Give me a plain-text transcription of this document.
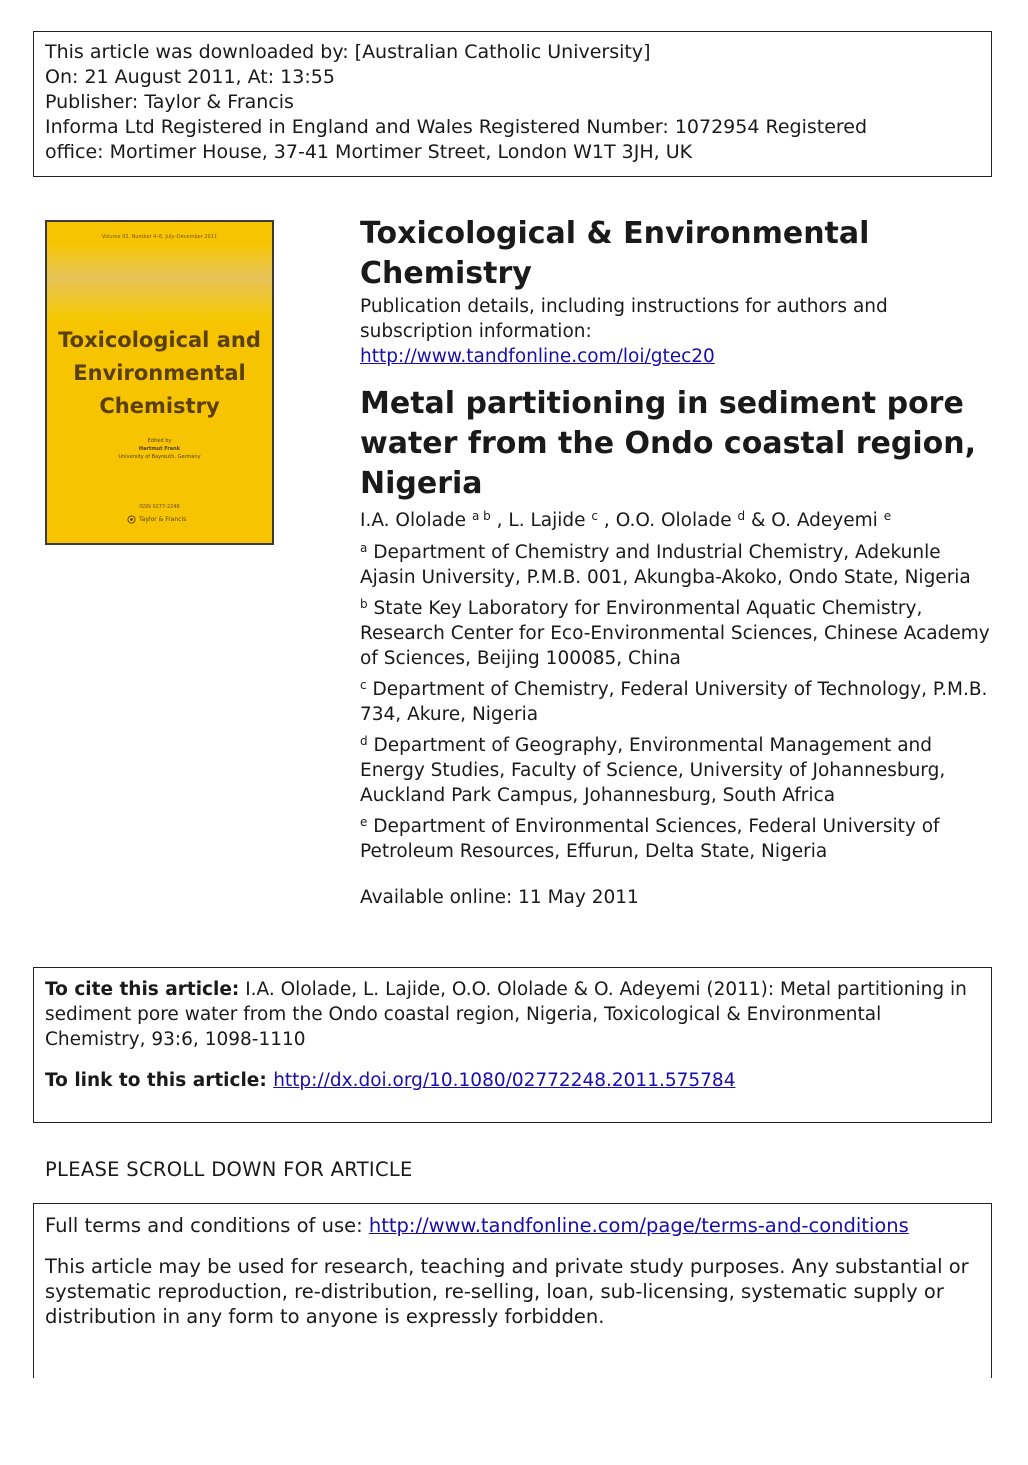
This article was downloaded by: [Australian Catholic University]
On: 21 August 2011, At: 13:55
Publisher: Taylor & Francis
Informa Ltd Registered in England and Wales Registered Number: 1072954 Registered
office: Mortimer House, 37-41 Mortimer Street, London W1T 3JH, UK
Volume 93, Number 4–6, July–December 2011
Toxicological and
Environmental
Chemistry
Edited by
Hartmut Frank
University of Bayreuth, Germany
ISSN 0277-2248
Taylor & Francis
Toxicological & Environmental Chemistry
Publication details, including instructions for authors and subscription information:
http://www.tandfonline.com/loi/gtec20
Metal partitioning in sediment pore water from the Ondo coastal region, Nigeria
I.A. Ololade $^{a b}$ , L. Lajide $^c$ , O.O. Ololade $^d$ & O. Adeyemi $^e$
$^a$ Department of Chemistry and Industrial Chemistry, Adekunle Ajasin University, P.M.B. 001, Akungba-Akoko, Ondo State, Nigeria
$^b$ State Key Laboratory for Environmental Aquatic Chemistry, Research Center for Eco-Environmental Sciences, Chinese Academy of Sciences, Beijing 100085, China
$^c$ Department of Chemistry, Federal University of Technology, P.M.B. 734, Akure, Nigeria
$^d$ Department of Geography, Environmental Management and Energy Studies, Faculty of Science, University of Johannesburg, Auckland Park Campus, Johannesburg, South Africa
$^e$ Department of Environmental Sciences, Federal University of Petroleum Resources, Effurun, Delta State, Nigeria
Available online: 11 May 2011
To cite this article: I.A. Ololade, L. Lajide, O.O. Ololade & O. Adeyemi (2011): Metal partitioning in sediment pore water from the Ondo coastal region, Nigeria, Toxicological & Environmental Chemistry, 93:6, 1098-1110
To link to this article: http://dx.doi.org/10.1080/02772248.2011.575784
PLEASE SCROLL DOWN FOR ARTICLE
Full terms and conditions of use: http://www.tandfonline.com/page/terms-and-conditions
This article may be used for research, teaching and private study purposes. Any substantial or systematic reproduction, re-distribution, re-selling, loan, sub-licensing, systematic supply or distribution in any form to anyone is expressly forbidden.
